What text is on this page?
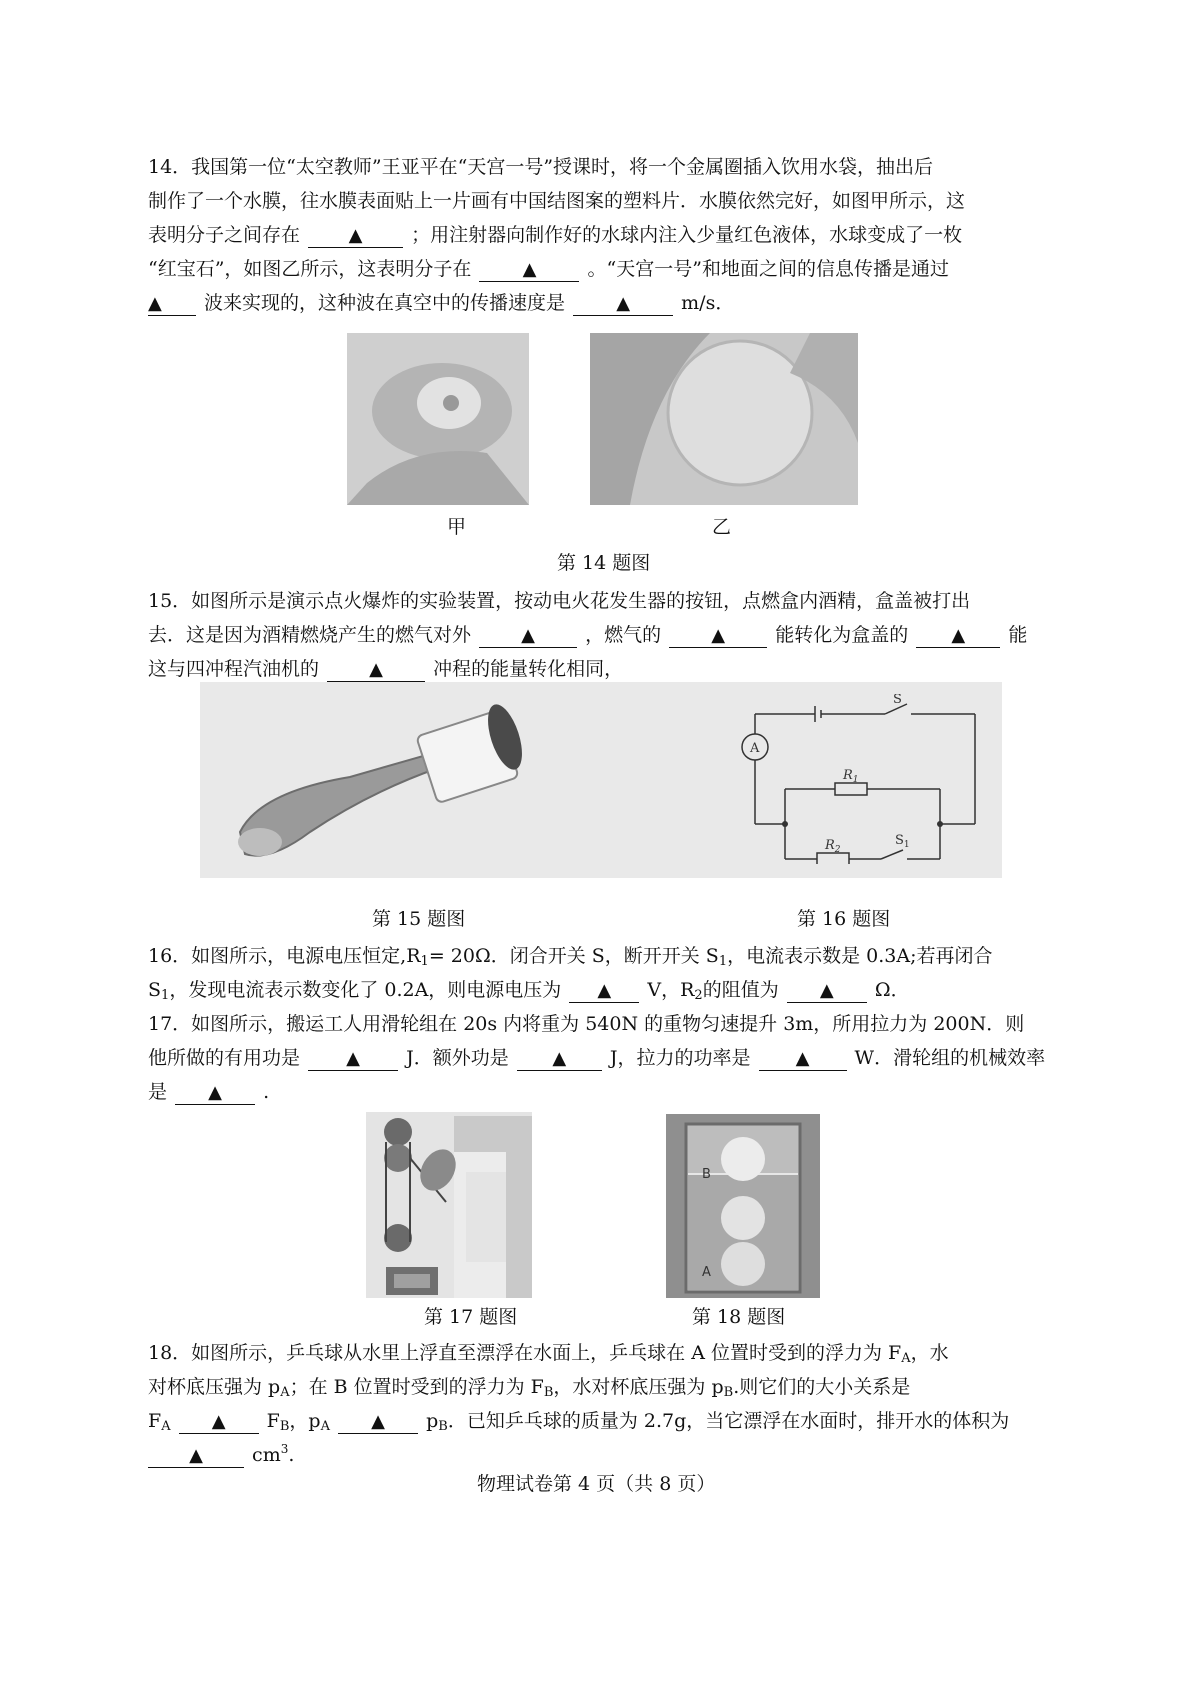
14．我国第一位“太空教师”王亚平在“天宫一号”授课时，将一个金属圈插入饮用水袋，抽出后
制作了一个水膜，往水膜表面贴上一片画有中国结图案的塑料片．水膜依然完好，如图甲所示，这
表明分子之间存在	▲	；用注射器向制作好的水球内注入少量红色液体，水球变成了一枚
“红宝石”，如图乙所示，这表明分子在	▲	。“天宫一号”和地面之间的信息传播是通过
▲ 波来实现的，这种波在真空中的传播速度是	▲	m/s．
甲	乙
第 14 题图
15．如图所示是演示点火爆炸的实验装置，按动电火花发生器的按钮，点燃盒内酒精，盒盖被打出
去．这是因为酒精燃烧产生的燃气对外	▲	，燃气的	▲	能转化为盒盖的 ▲ 能
这与四冲程汽油机的	▲	冲程的能量转化相同，
A
S
$R_1$
$R_2$
$S_1$
第 15 题图	第 16 题图
16．如图所示，电源电压恒定$,R_1= 20\Omega$．闭合开关 S，断开开关 $S_1$，电流表示数是 0.3A;若再闭合
$S_1$，发现电流表示数变化了 0.2A，则电源电压为 ▲ V，$R_2$的阻值为 ▲ Ω．
17．如图所示，搬运工人用滑轮组在 20s 内将重为 540N 的重物匀速提升 3m，所用拉力为 200N．则
他所做的有用功是	▲ J．额外功是 ▲ J，拉力的功率是	▲ W．滑轮组的机械效率
是 ▲ .
第 17 题图
B
A
第 18 题图
18．如图所示，乒乓球从水里上浮直至漂浮在水面上，乒乓球在 A 位置时受到的浮力为 $F_A$，水
对杯底压强为 $p_A$；在 B 位置时受到的浮力为 $F_B$，水对杯底压强为 $p_B$.则它们的大小关系是
$F_A$ ▲ $F_B$，$p_A$ ▲ $p_B$．已知乒乓球的质量为 2.7g，当它漂浮在水面时，排开水的体积为
▲	$cm^3$.
物理试卷第 4 页（共 8 页）
